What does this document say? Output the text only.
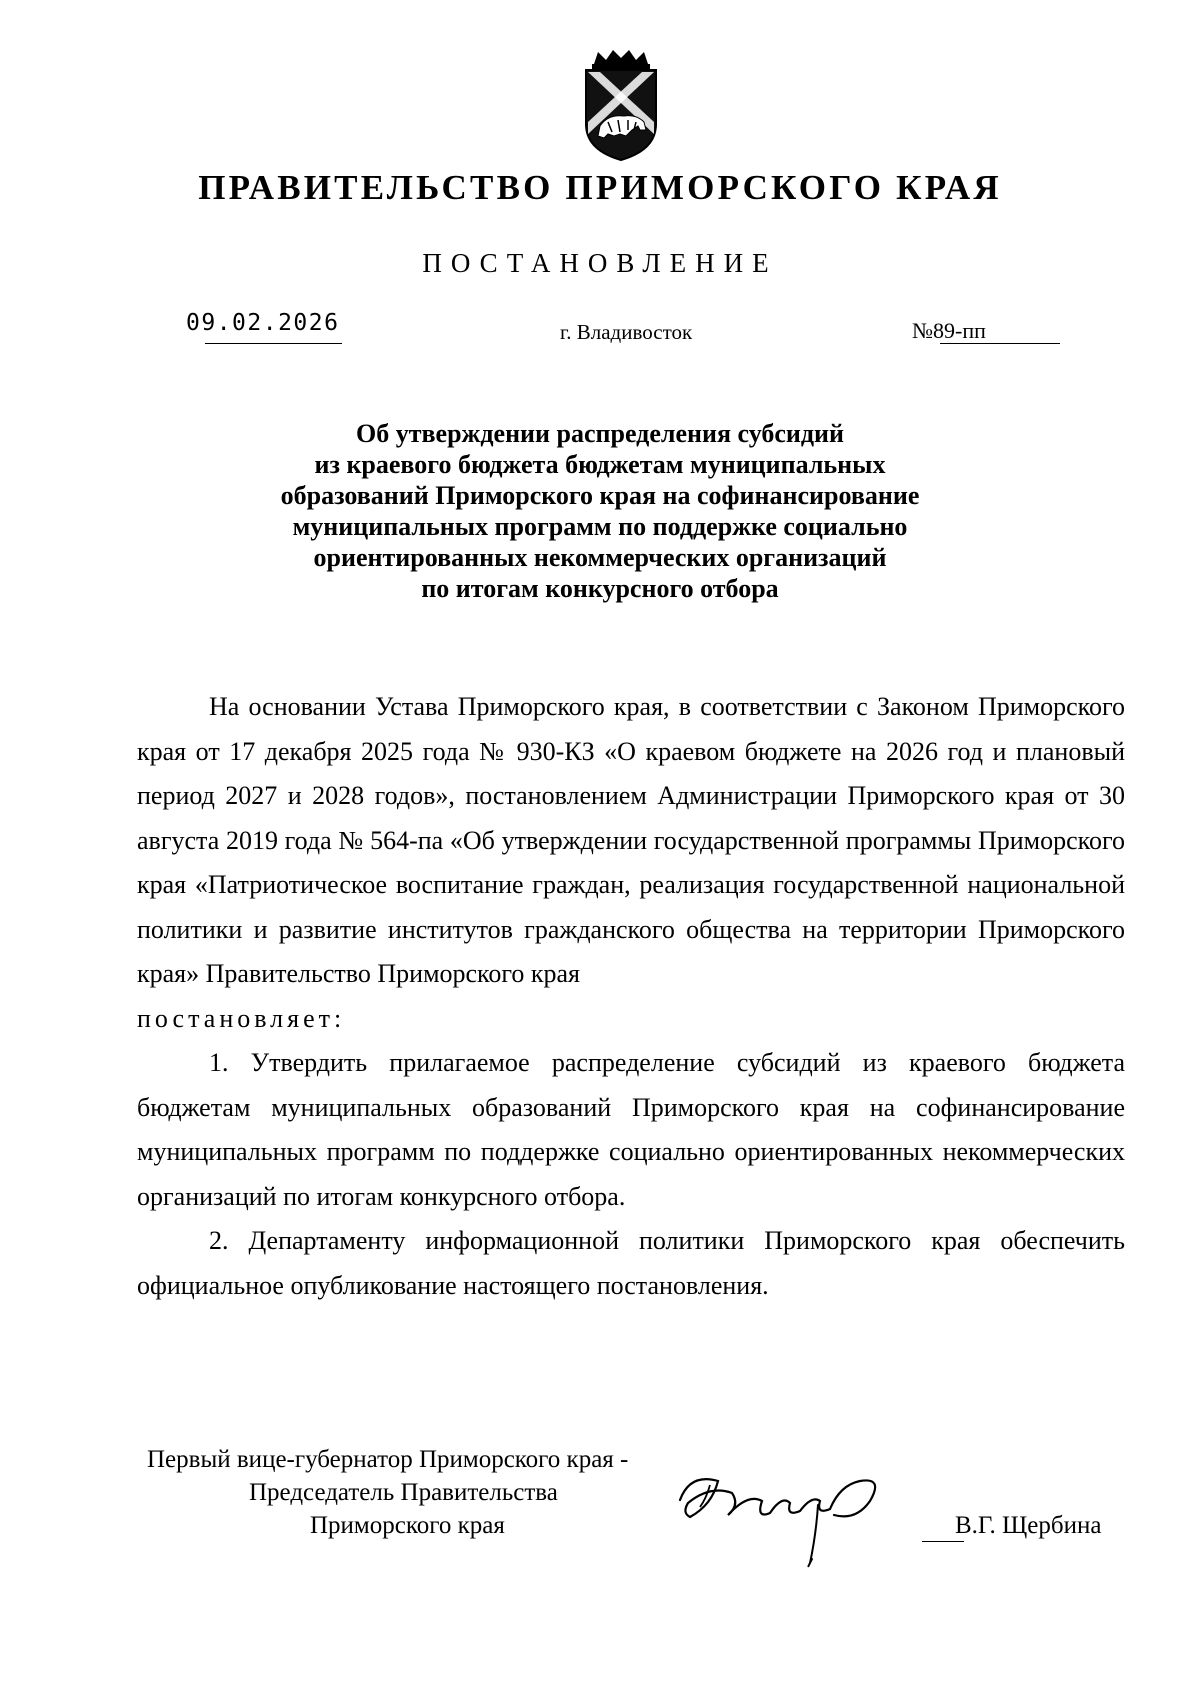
ПРАВИТЕЛЬСТВО ПРИМОРСКОГО КРАЯ
ПОСТАНОВЛЕНИЕ
09.02.2026	г. Владивосток	№89-пп
Об утверждении распределения субсидий
из краевого бюджета бюджетам муниципальных
образований Приморского края на софинансирование
муниципальных программ по поддержке социально
ориентированных некоммерческих организаций
по итогам конкурсного отбора

На основании Устава Приморского края, в соответствии с Законом Приморского края от 17 декабря 2025 года № 930-КЗ «О краевом бюджете на 2026 год и плановый период 2027 и 2028 годов», постановлением Администрации Приморского края от 30 августа 2019 года № 564-па «Об утверждении государственной программы Приморского края «Патриотическое воспитание граждан, реализация государственной национальной политики и развитие институтов гражданского общества на территории Приморского края» Правительство Приморского края

постановляет:

1. Утвердить прилагаемое распределение субсидий из краевого бюджета бюджетам муниципальных образований Приморского края на софинансирование муниципальных программ по поддержке социально ориентированных некоммерческих организаций по итогам конкурсного отбора.

2. Департаменту информационной политики Приморского края обеспечить официальное опубликование настоящего постановления.

Первый вице-губернатор Приморского края -
Председатель Правительства
Приморского края	В.Г. Щербина
